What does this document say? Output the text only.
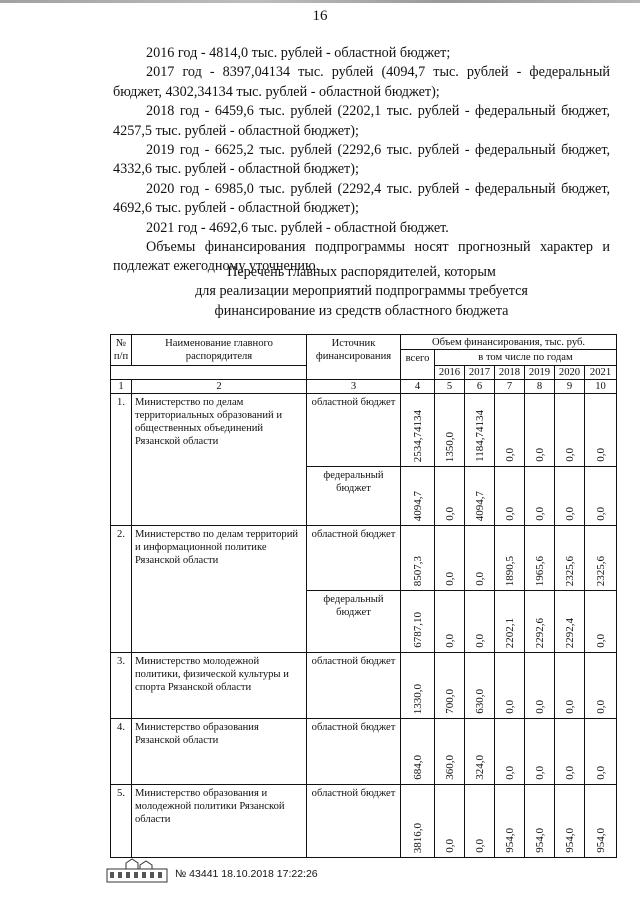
16

2016 год - 4814,0 тыс. рублей - областной бюджет;

2017 год - 8397,04134 тыс. рублей (4094,7 тыс. рублей - федеральный бюджет, 4302,34134 тыс. рублей - областной бюджет);

2018 год - 6459,6 тыс. рублей (2202,1 тыс. рублей - федеральный бюджет, 4257,5 тыс. рублей - областной бюджет);

2019 год - 6625,2 тыс. рублей (2292,6 тыс. рублей - федеральный бюджет, 4332,6 тыс. рублей - областной бюджет);

2020 год - 6985,0 тыс. рублей (2292,4 тыс. рублей - федеральный бюджет, 4692,6 тыс. рублей - областной бюджет);

2021 год - 4692,6 тыс. рублей - областной бюджет.

Объемы финансирования подпрограммы носят прогнозный характер и подлежат ежегодному уточнению.

Перечень главных распорядителей, которым
для реализации мероприятий подпрограммы требуется
финансирование из средств областного бюджета
№ п/п	Наименование главного распорядителя	Источник финансирования	Объем финансирования, тыс. руб.						
			всего	в том числе по годам					
				2016	2017	2018	2019	2020	2021
1	2	3	4	5	6	7	8	9	10
1.	Министерство по делам территориальных образований и общественных объединений Рязанской области	областной бюджет	2534,74134	1350,0	1184,74134	0,0	0,0	0,0	0,0

		федеральный бюджет	4094,7	0,0	4094,7	0,0	0,0	0,0	0,0

2.	Министерство по делам территорий и информационной политике Рязанской области	областной бюджет	8507,3	0,0	0,0	1890,5	1965,6	2325,6	2325,6

		федеральный бюджет	6787,10	0,0	0,0	2202,1	2292,6	2292,4	0,0

3.	Министерство молодежной политики, физической культуры и спорта Рязанской области	областной бюджет	1330,0	700,0	630,0	0,0	0,0	0,0	0,0

4.	Министерство образования Рязанской области	областной бюджет	684,0	360,0	324,0	0,0	0,0	0,0	0,0

5.	Министерство образования и молодежной политики Рязанской области	областной бюджет	3816,0	0,0	0,0	954,0	954,0	954,0	954,0
№ 43441 18.10.2018 17:22:26
